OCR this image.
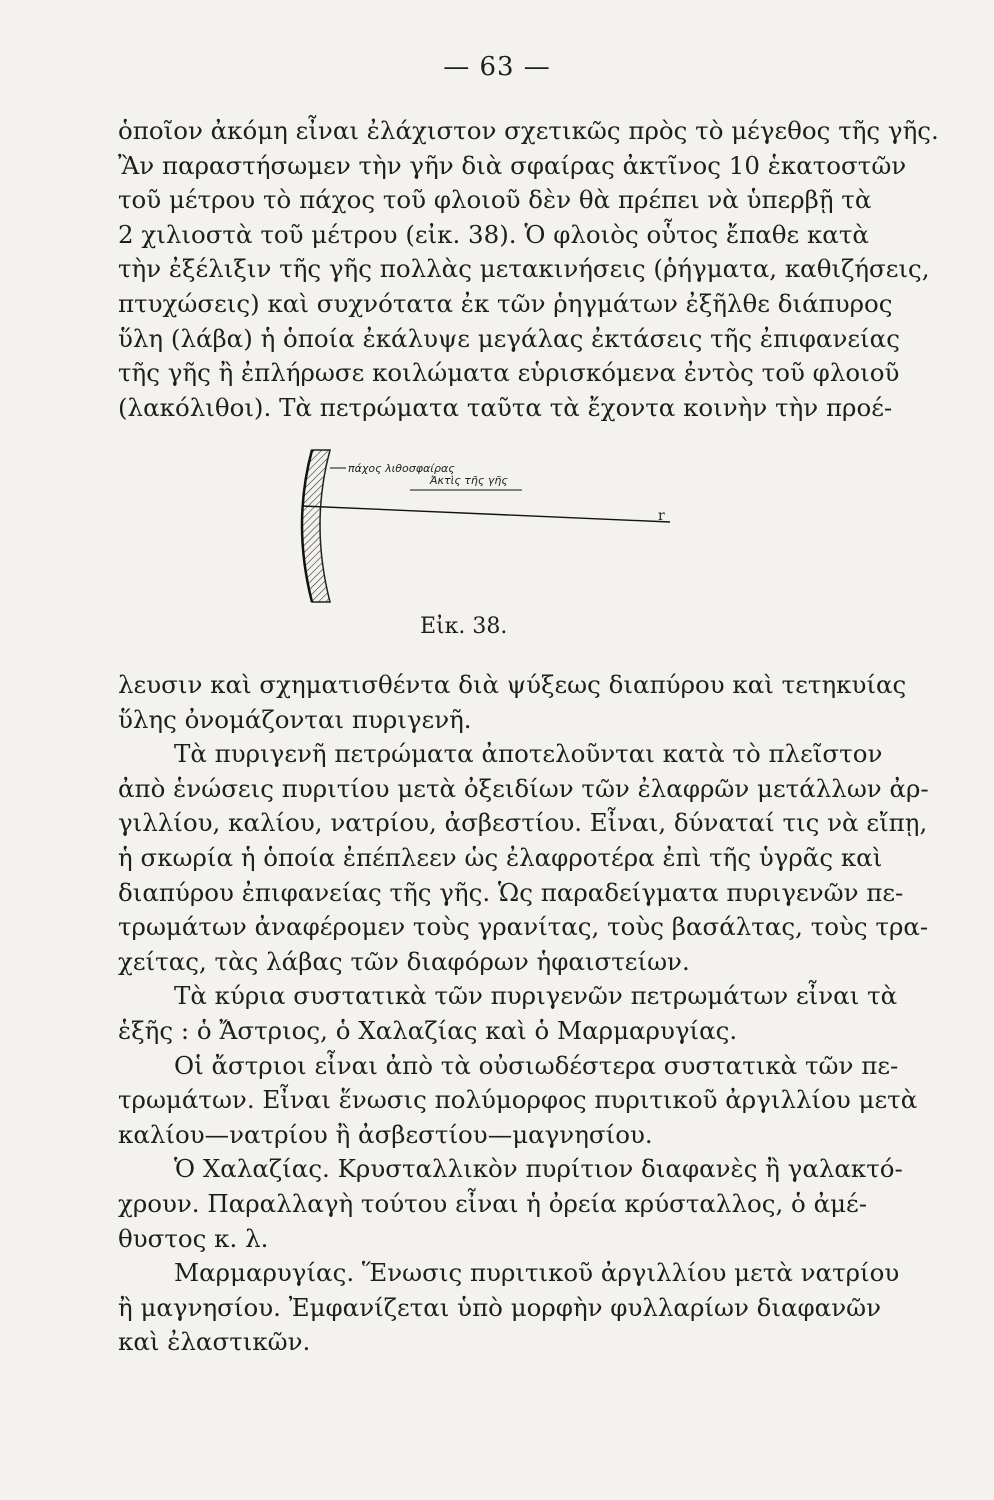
— 63 —
ὁποῖον ἀκόμη εἶναι ἐλάχιστον σχετικῶς πρὸς τὸ μέγεθος τῆς γῆς.
Ἂν παραστήσωμεν τὴν γῆν διὰ σφαίρας ἀκτῖνος 10 ἑκατοστῶν
τοῦ μέτρου τὸ πάχος τοῦ φλοιοῦ δὲν θὰ πρέπει νὰ ὑπερβῇ τὰ
2 χιλιοστὰ τοῦ μέτρου (εἰκ. 38). Ὁ φλοιὸς οὗτος ἔπαθε κατὰ
τὴν ἐξέλιξιν τῆς γῆς πολλὰς μετακινήσεις (ῥήγματα, καθιζήσεις,
πτυχώσεις) καὶ συχνότατα ἐκ τῶν ῥηγμάτων ἐξῆλθε διάπυρος
ὕλη (λάβα) ἡ ὁποία ἐκάλυψε μεγάλας ἐκτάσεις τῆς ἐπιφανείας
τῆς γῆς ἢ ἐπλήρωσε κοιλώματα εὑρισκόμενα ἐντὸς τοῦ φλοιοῦ
(λακόλιθοι). Τὰ πετρώματα ταῦτα τὰ ἔχοντα κοινὴν τὴν προέ-
πάχος λιθοσφαίρας
Ἀκτὶς τῆς γῆς
r
Εἰκ. 38.
λευσιν καὶ σχηματισθέντα διὰ ψύξεως διαπύρου καὶ τετηκυίας
ὕλης ὀνομάζονται πυριγενῆ.
Τὰ πυριγενῆ πετρώματα ἀποτελοῦνται κατὰ τὸ πλεῖστον
ἀπὸ ἑνώσεις πυριτίου μετὰ ὀξειδίων τῶν ἐλαφρῶν μετάλλων ἀρ-
γιλλίου, καλίου, νατρίου, ἀσβεστίου. Εἶναι, δύναταί τις νὰ εἴπῃ,
ἡ σκωρία ἡ ὁποία ἐπέπλεεν ὡς ἐλαφροτέρα ἐπὶ τῆς ὑγρᾶς καὶ
διαπύρου ἐπιφανείας τῆς γῆς. Ὡς παραδείγματα πυριγενῶν πε-
τρωμάτων ἀναφέρομεν τοὺς γρανίτας, τοὺς βασάλτας, τοὺς τρα-
χείτας, τὰς λάβας τῶν διαφόρων ἡφαιστείων.
Τὰ κύρια συστατικὰ τῶν πυριγενῶν πετρωμάτων εἶναι τὰ
ἑξῆς : ὁ Ἄστριος, ὁ Χαλαζίας καὶ ὁ Μαρμαρυγίας.
Οἱ ἄστριοι εἶναι ἀπὸ τὰ οὐσιωδέστερα συστατικὰ τῶν πε-
τρωμάτων. Εἶναι ἕνωσις πολύμορφος πυριτικοῦ ἀργιλλίου μετὰ
καλίου—νατρίου ἢ ἀσβεστίου—μαγνησίου.
Ὁ Χαλαζίας. Κρυσταλλικὸν πυρίτιον διαφανὲς ἢ γαλακτό-
χρουν. Παραλλαγὴ τούτου εἶναι ἡ ὀρεία κρύσταλλος, ὁ ἀμέ-
θυστος κ. λ.
Μαρμαρυγίας. Ἕνωσις πυριτικοῦ ἀργιλλίου μετὰ νατρίου
ἢ μαγνησίου. Ἐμφανίζεται ὑπὸ μορφὴν φυλλαρίων διαφανῶν
καὶ ἐλαστικῶν.
